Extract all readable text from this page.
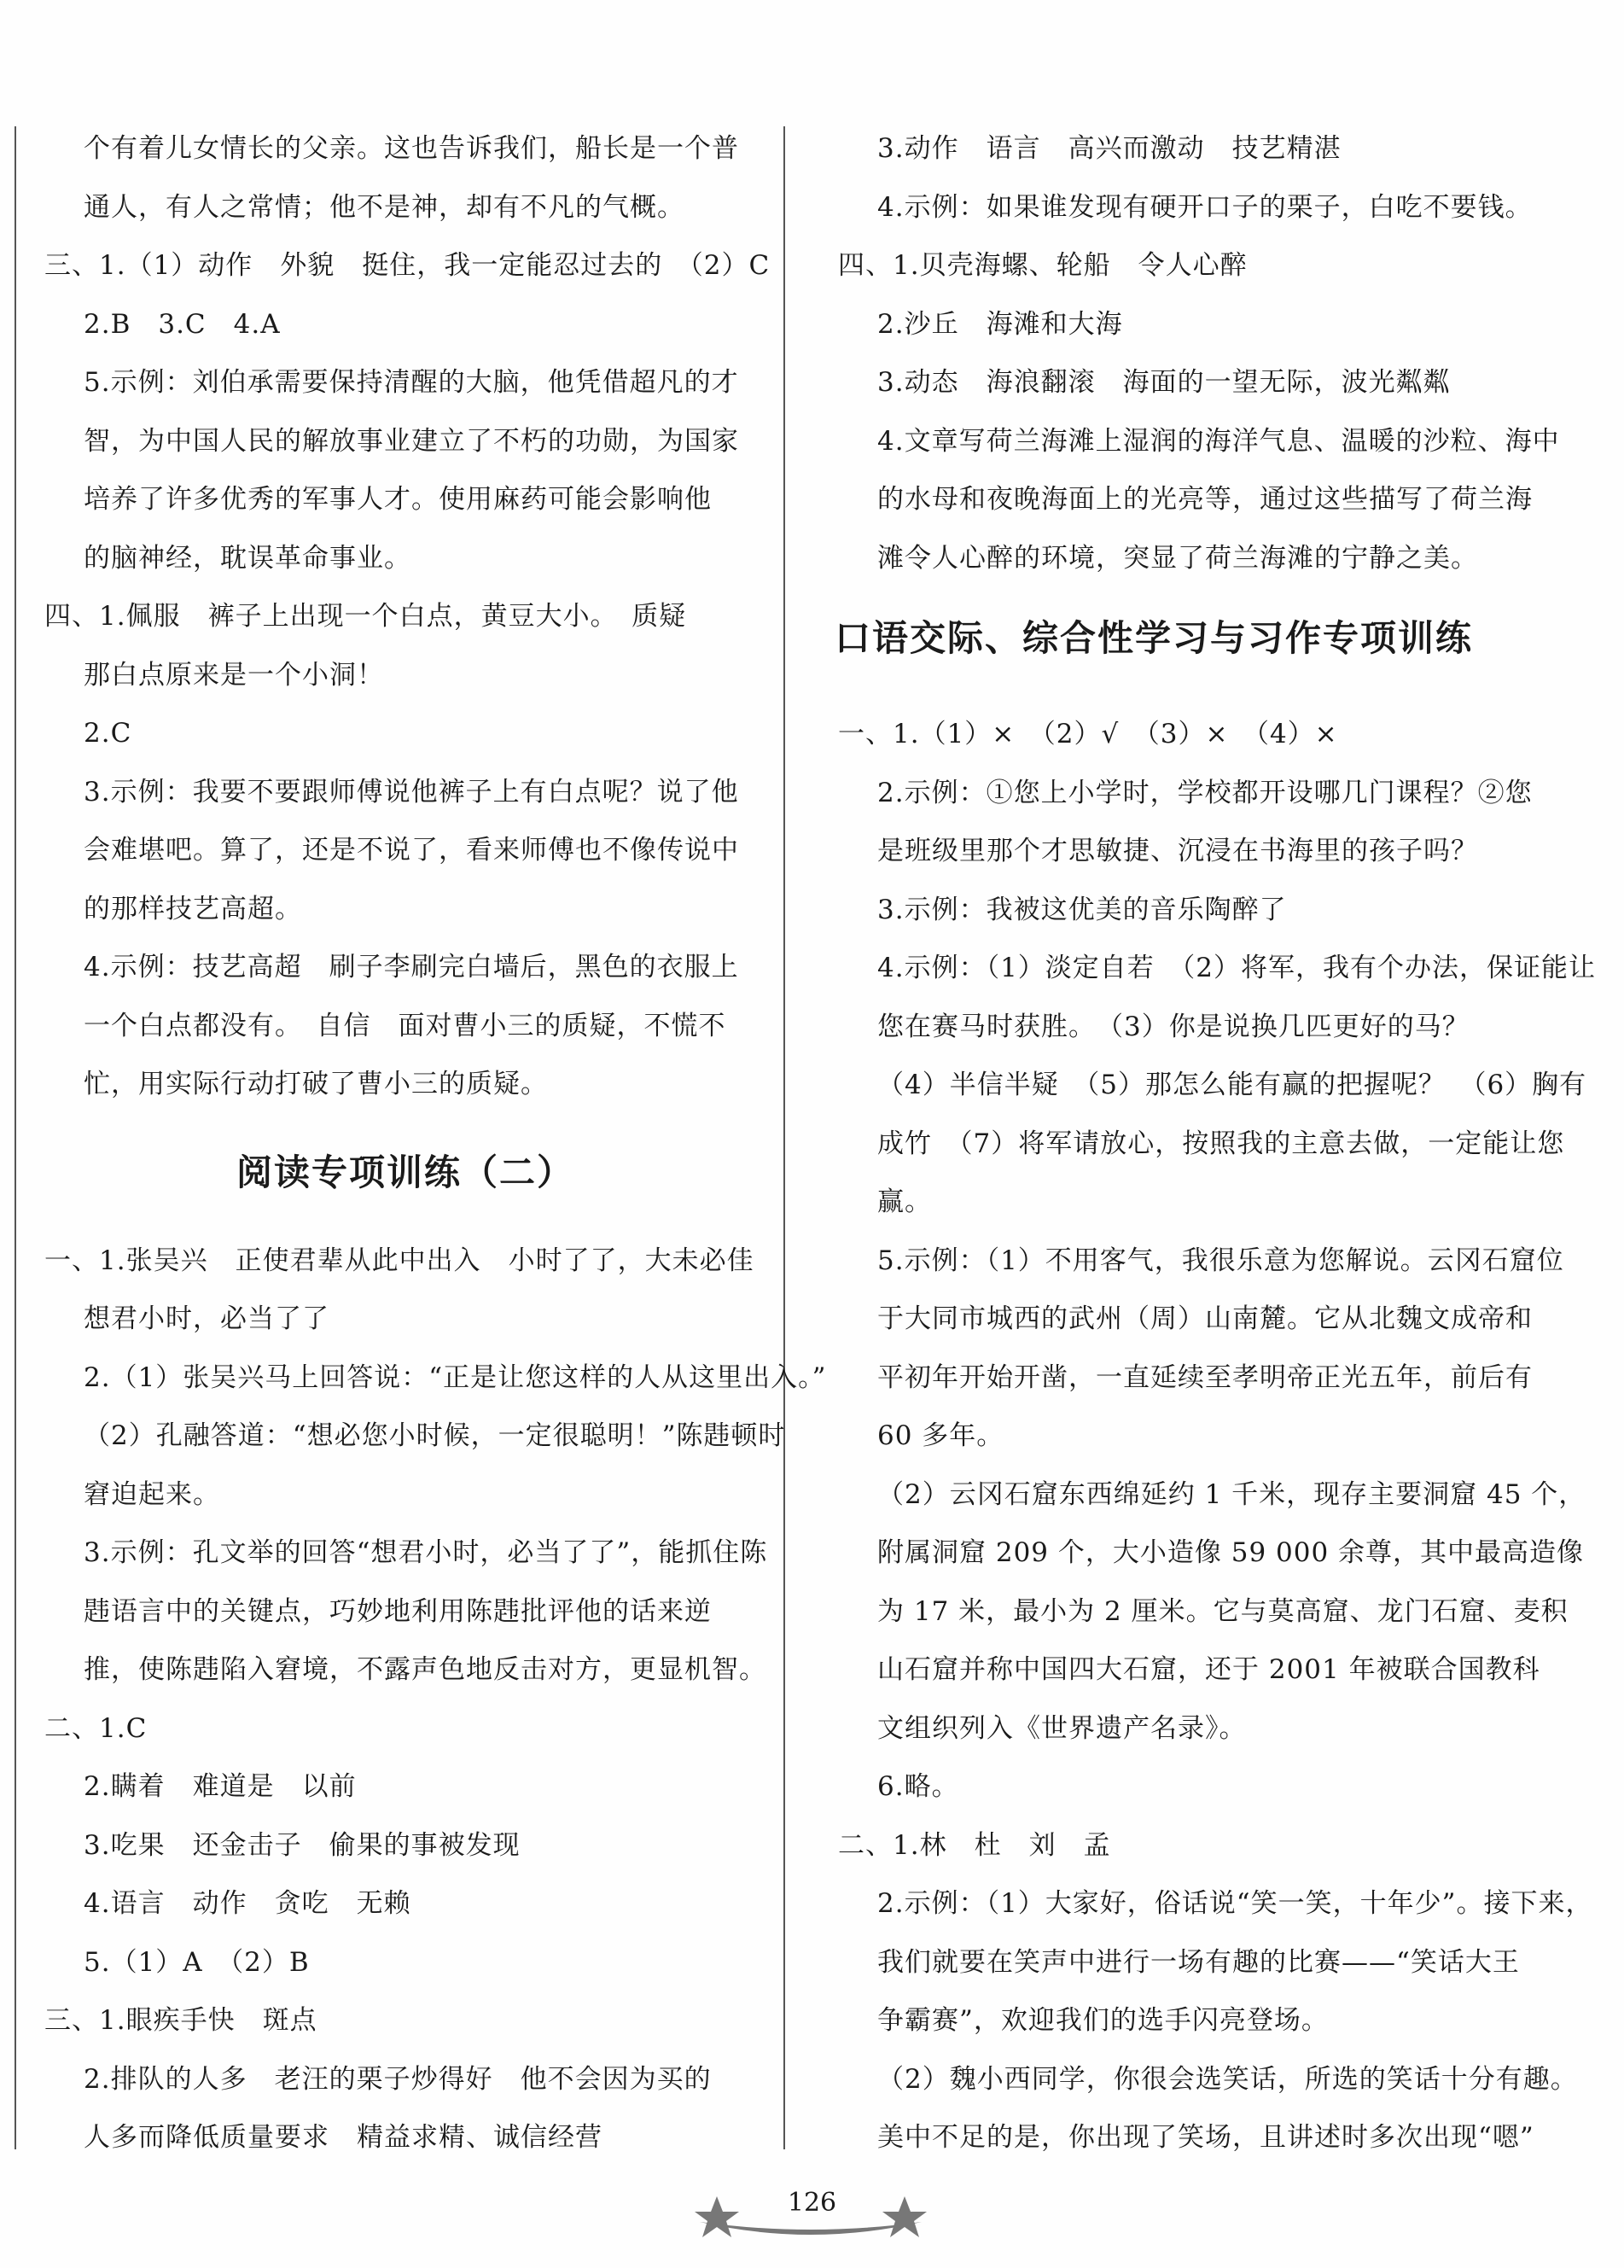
个有着儿女情长的父亲。这也告诉我们，船长是一个普
通人，有人之常情；他不是神，却有不凡的气概。
三、1.（1）动作　外貌　挺住，我一定能忍过去的　（2）C
2.B　3.C　4.A
5.示例：刘伯承需要保持清醒的大脑，他凭借超凡的才
智，为中国人民的解放事业建立了不朽的功勋，为国家
培养了许多优秀的军事人才。使用麻药可能会影响他
的脑神经，耽误革命事业。
四、1.佩服　裤子上出现一个白点，黄豆大小。　质疑
那白点原来是一个小洞！
2.C
3.示例：我要不要跟师傅说他裤子上有白点呢？说了他
会难堪吧。算了，还是不说了，看来师傅也不像传说中
的那样技艺高超。
4.示例：技艺高超　刷子李刷完白墙后，黑色的衣服上
一个白点都没有。　自信　面对曹小三的质疑，不慌不
忙，用实际行动打破了曹小三的质疑。
阅读专项训练（二）
一、1.张吴兴　正使君辈从此中出入　小时了了，大未必佳
想君小时，必当了了
2.（1）张吴兴马上回答说：“正是让您这样的人从这里出入。”
（2）孔融答道：“想必您小时候，一定很聪明！”陈韪顿时
窘迫起来。
3.示例：孔文举的回答“想君小时，必当了了”，能抓住陈
韪语言中的关键点，巧妙地利用陈韪批评他的话来逆
推，使陈韪陷入窘境，不露声色地反击对方，更显机智。
二、1.C
2.瞒着　难道是　以前
3.吃果　还金击子　偷果的事被发现
4.语言　动作　贪吃　无赖
5.（1）A　（2）B
三、1.眼疾手快　斑点
2.排队的人多　老汪的栗子炒得好　他不会因为买的
人多而降低质量要求　精益求精、诚信经营
3.动作　语言　高兴而激动　技艺精湛
4.示例：如果谁发现有硬开口子的栗子，白吃不要钱。
四、1.贝壳海螺、轮船　令人心醉
2.沙丘　海滩和大海
3.动态　海浪翻滚　海面的一望无际，波光粼粼
4.文章写荷兰海滩上湿润的海洋气息、温暖的沙粒、海中
的水母和夜晚海面上的光亮等，通过这些描写了荷兰海
滩令人心醉的环境，突显了荷兰海滩的宁静之美。
口语交际、综合性学习与习作专项训练
一、1.（1）×　（2）√　（3）×　（4）×
2.示例：①您上小学时，学校都开设哪几门课程？②您
是班级里那个才思敏捷、沉浸在书海里的孩子吗？
3.示例：我被这优美的音乐陶醉了
4.示例：（1）淡定自若　（2）将军，我有个办法，保证能让
您在赛马时获胜。　（3）你是说换几匹更好的马？
（4）半信半疑　（5）那怎么能有赢的把握呢？　（6）胸有
成竹　（7）将军请放心，按照我的主意去做，一定能让您
赢。
5.示例：（1）不用客气，我很乐意为您解说。云冈石窟位
于大同市城西的武州（周）山南麓。它从北魏文成帝和
平初年开始开凿，一直延续至孝明帝正光五年，前后有
60 多年。
（2）云冈石窟东西绵延约 1 千米，现存主要洞窟 45 个，
附属洞窟 209 个，大小造像 59 000 余尊，其中最高造像
为 17 米，最小为 2 厘米。它与莫高窟、龙门石窟、麦积
山石窟并称中国四大石窟，还于 2001 年被联合国教科
文组织列入《世界遗产名录》。
6.略。
二、1.林　杜　刘　孟
2.示例：（1）大家好，俗话说“笑一笑，十年少”。接下来，
我们就要在笑声中进行一场有趣的比赛——“笑话大王
争霸赛”，欢迎我们的选手闪亮登场。
（2）魏小西同学，你很会选笑话，所选的笑话十分有趣。
美中不足的是，你出现了笑场，且讲述时多次出现“嗯”
126
